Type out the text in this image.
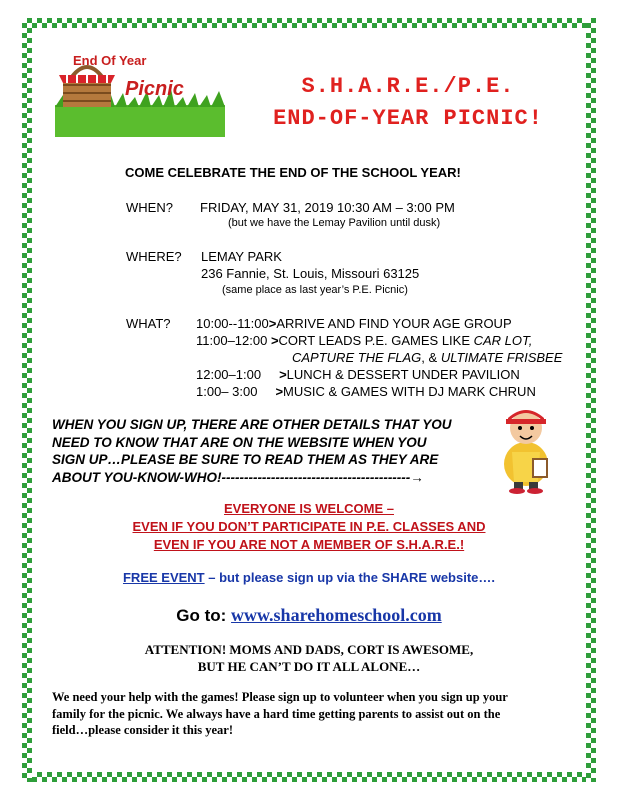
End Of Year
Picnic	S.H.A.R.E./P.E.
END-OF-YEAR PICNIC!
COME CELEBRATE THE END OF THE SCHOOL YEAR!
WHEN? FRIDAY, MAY 31, 2019 10:30 AM – 3:00 PM
(but we have the Lemay Pavilion until dusk)
WHERE? LEMAY PARK
236 Fannie, St. Louis, Missouri 63125
(same place as last year’s P.E. Picnic)
WHAT? 10:00--11:00>ARRIVE AND FIND YOUR AGE GROUP
11:00–12:00 >CORT LEADS P.E. GAMES LIKE CAR LOT,
CAPTURE THE FLAG, & ULTIMATE FRISBEE
12:00–1:00 >LUNCH & DESSERT UNDER PAVILION
1:00– 3:00 >MUSIC & GAMES WITH DJ MARK CHRUN
WHEN YOU SIGN UP, THERE ARE OTHER DETAILS THAT YOU
NEED TO KNOW THAT ARE ON THE WEBSITE WHEN YOU
SIGN UP…PLEASE BE SURE TO READ THEM AS THEY ARE
ABOUT YOU-KNOW-WHO!------------------------------------------→
EVERYONE IS WELCOME –
EVEN IF YOU DON’T PARTICIPATE IN P.E. CLASSES AND
EVEN IF YOU ARE NOT A MEMBER OF S.H.A.R.E.!
FREE EVENT – but please sign up via the SHARE website….
Go to: www.sharehomeschool.com
ATTENTION! MOMS AND DADS, CORT IS AWESOME,
BUT HE CAN’T DO IT ALL ALONE…
We need your help with the games! Please sign up to volunteer when you sign up your
family for the picnic. We always have a hard time getting parents to assist out on the
field…please consider it this year!
